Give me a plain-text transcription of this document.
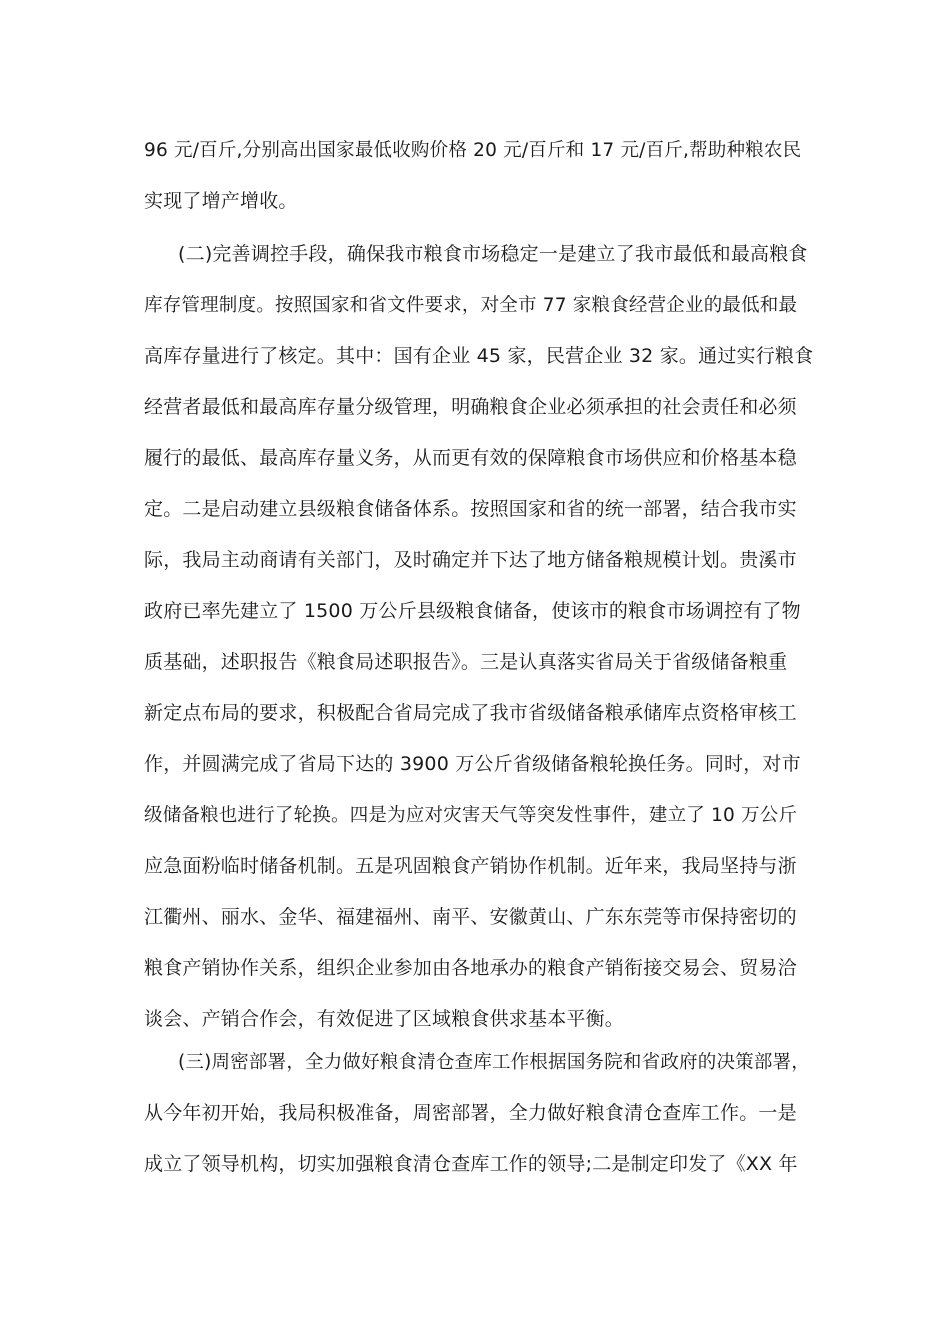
96 元/百斤,分别高出国家最低收购价格 20 元/百斤和 17 元/百斤,帮助种粮农民
实现了增产增收。
(二)完善调控手段，确保我市粮食市场稳定一是建立了我市最低和最高粮食
库存管理制度。按照国家和省文件要求，对全市 77 家粮食经营企业的最低和最
高库存量进行了核定。其中：国有企业 45 家，民营企业 32 家。通过实行粮食
经营者最低和最高库存量分级管理，明确粮食企业必须承担的社会责任和必须
履行的最低、最高库存量义务，从而更有效的保障粮食市场供应和价格基本稳
定。二是启动建立县级粮食储备体系。按照国家和省的统一部署，结合我市实
际，我局主动商请有关部门，及时确定并下达了地方储备粮规模计划。贵溪市
政府已率先建立了 1500 万公斤县级粮食储备，使该市的粮食市场调控有了物
质基础，述职报告《粮食局述职报告》。三是认真落实省局关于省级储备粮重
新定点布局的要求，积极配合省局完成了我市省级储备粮承储库点资格审核工
作，并圆满完成了省局下达的 3900 万公斤省级储备粮轮换任务。同时，对市
级储备粮也进行了轮换。四是为应对灾害天气等突发性事件，建立了 10 万公斤
应急面粉临时储备机制。五是巩固粮食产销协作机制。近年来，我局坚持与浙
江衢州、丽水、金华、福建福州、南平、安徽黄山、广东东莞等市保持密切的
粮食产销协作关系，组织企业参加由各地承办的粮食产销衔接交易会、贸易洽
谈会、产销合作会，有效促进了区域粮食供求基本平衡。
(三)周密部署，全力做好粮食清仓查库工作根据国务院和省政府的决策部署，
从今年初开始，我局积极准备，周密部署，全力做好粮食清仓查库工作。一是
成立了领导机构，切实加强粮食清仓查库工作的领导;二是制定印发了《XX 年
